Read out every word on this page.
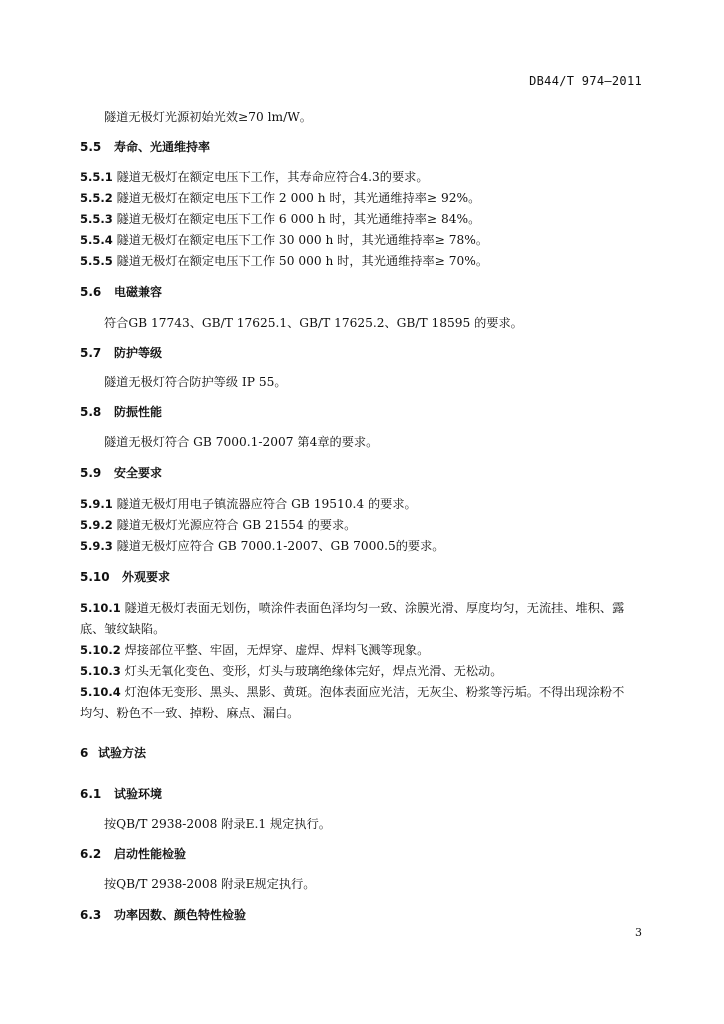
DB44/T 974—2011
隧道无极灯光源初始光效≥70 lm/W。
5.5 寿命、光通维持率
5.5.1 隧道无极灯在额定电压下工作，其寿命应符合4.3的要求。
5.5.2 隧道无极灯在额定电压下工作 2 000 h 时，其光通维持率≥ 92%。
5.5.3 隧道无极灯在额定电压下工作 6 000 h 时，其光通维持率≥ 84%。
5.5.4 隧道无极灯在额定电压下工作 30 000 h 时，其光通维持率≥ 78%。
5.5.5 隧道无极灯在额定电压下工作 50 000 h 时，其光通维持率≥ 70%。
5.6 电磁兼容
符合GB 17743、GB/T 17625.1、GB/T 17625.2、GB/T 18595 的要求。
5.7 防护等级
隧道无极灯符合防护等级 IP 55。
5.8 防振性能
隧道无极灯符合 GB 7000.1-2007 第4章的要求。
5.9 安全要求
5.9.1 隧道无极灯用电子镇流器应符合 GB 19510.4 的要求。
5.9.2 隧道无极灯光源应符合 GB 21554 的要求。
5.9.3 隧道无极灯应符合 GB 7000.1-2007、GB 7000.5的要求。
5.10 外观要求
5.10.1 隧道无极灯表面无划伤，喷涂件表面色泽均匀一致、涂膜光滑、厚度均匀，无流挂、堆积、露
底、皱纹缺陷。
5.10.2 焊接部位平整、牢固，无焊穿、虚焊、焊料飞溅等现象。
5.10.3 灯头无氧化变色、变形，灯头与玻璃绝缘体完好，焊点光滑、无松动。
5.10.4 灯泡体无变形、黑头、黑影、黄斑。泡体表面应光洁，无灰尘、粉浆等污垢。不得出现涂粉不
均匀、粉色不一致、掉粉、麻点、漏白。
6 试验方法
6.1 试验环境
按QB/T 2938-2008 附录E.1 规定执行。
6.2 启动性能检验
按QB/T 2938-2008 附录E规定执行。
6.3 功率因数、颜色特性检验
3
